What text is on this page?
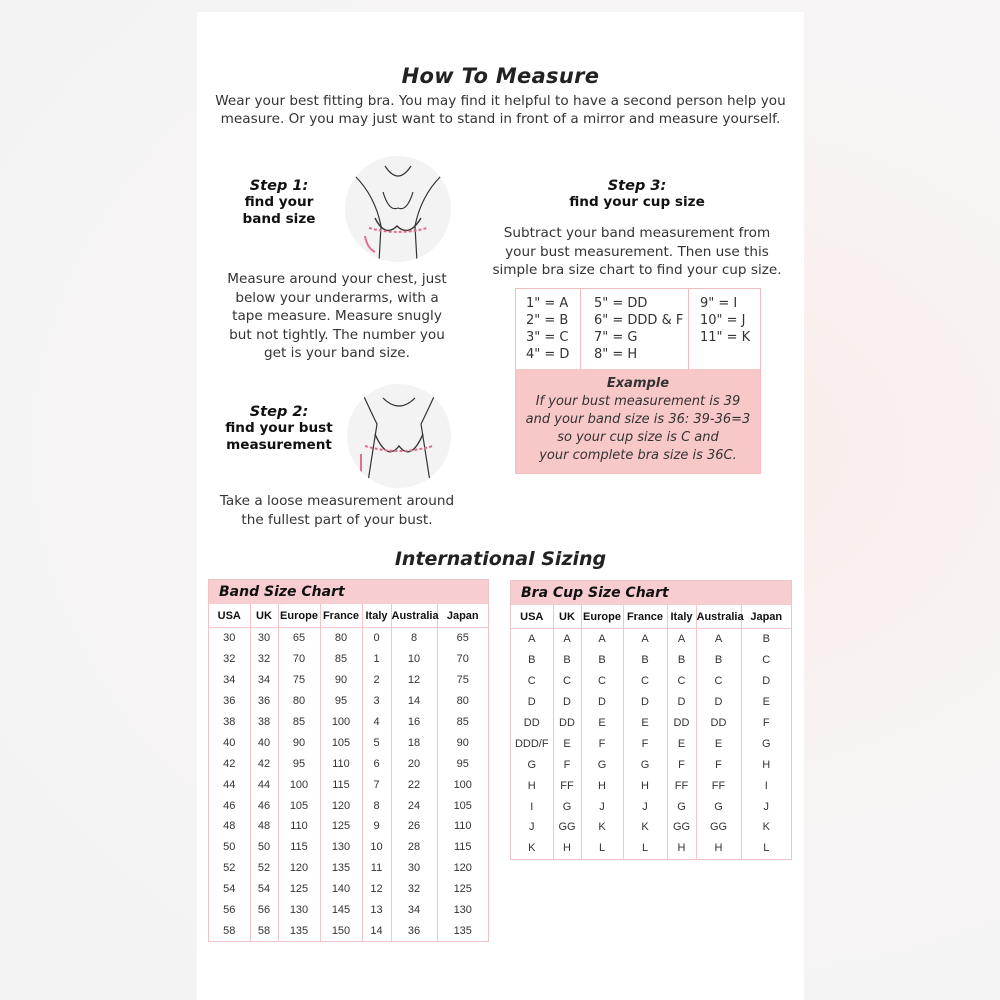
How To Measure

Wear your best fitting bra. You may find it helpful to have a second person help you measure. Or you may just want to stand in front of a mirror and measure yourself.

Step 1:
find your
band size

Measure around your chest, just below your underarms, with a tape measure. Measure snugly but not tightly. The number you get is your band size.

Step 2:
find your bust
measurement

Take a loose measurement around the fullest part of your bust.

Step 3:
find your cup size

Subtract your band measurement from your bust measurement. Then use this simple bra size chart to find your cup size.

1" = A
2" = B
3" = C
4" = D
5" = DD
6" = DDD & F
7" = G
8" = H
9" = I
10" = J
11" = K
Example
If your bust measurement is 39
and your band size is 36: 39-36=3
so your cup size is C and
your complete bra size is 36C.
International Sizing
Band Size Chart
USA	UK	Europe	France	Italy	Australia	Japan
30	30	65	80	0	8	65
32	32	70	85	1	10	70
34	34	75	90	2	12	75
36	36	80	95	3	14	80
38	38	85	100	4	16	85
40	40	90	105	5	18	90
42	42	95	110	6	20	95
44	44	100	115	7	22	100
46	46	105	120	8	24	105
48	48	110	125	9	26	110
50	50	115	130	10	28	115
52	52	120	135	11	30	120
54	54	125	140	12	32	125
56	56	130	145	13	34	130
58	58	135	150	14	36	135
Bra Cup Size Chart
USA	UK	Europe	France	Italy	Australia	Japan
A	A	A	A	A	A	B
B	B	B	B	B	B	C
C	C	C	C	C	C	D
D	D	D	D	D	D	E
DD	DD	E	E	DD	DD	F
DDD/F	E	F	F	E	E	G
G	F	G	G	F	F	H
H	FF	H	H	FF	FF	I
I	G	J	J	G	G	J
J	GG	K	K	GG	GG	K
K	H	L	L	H	H	L
